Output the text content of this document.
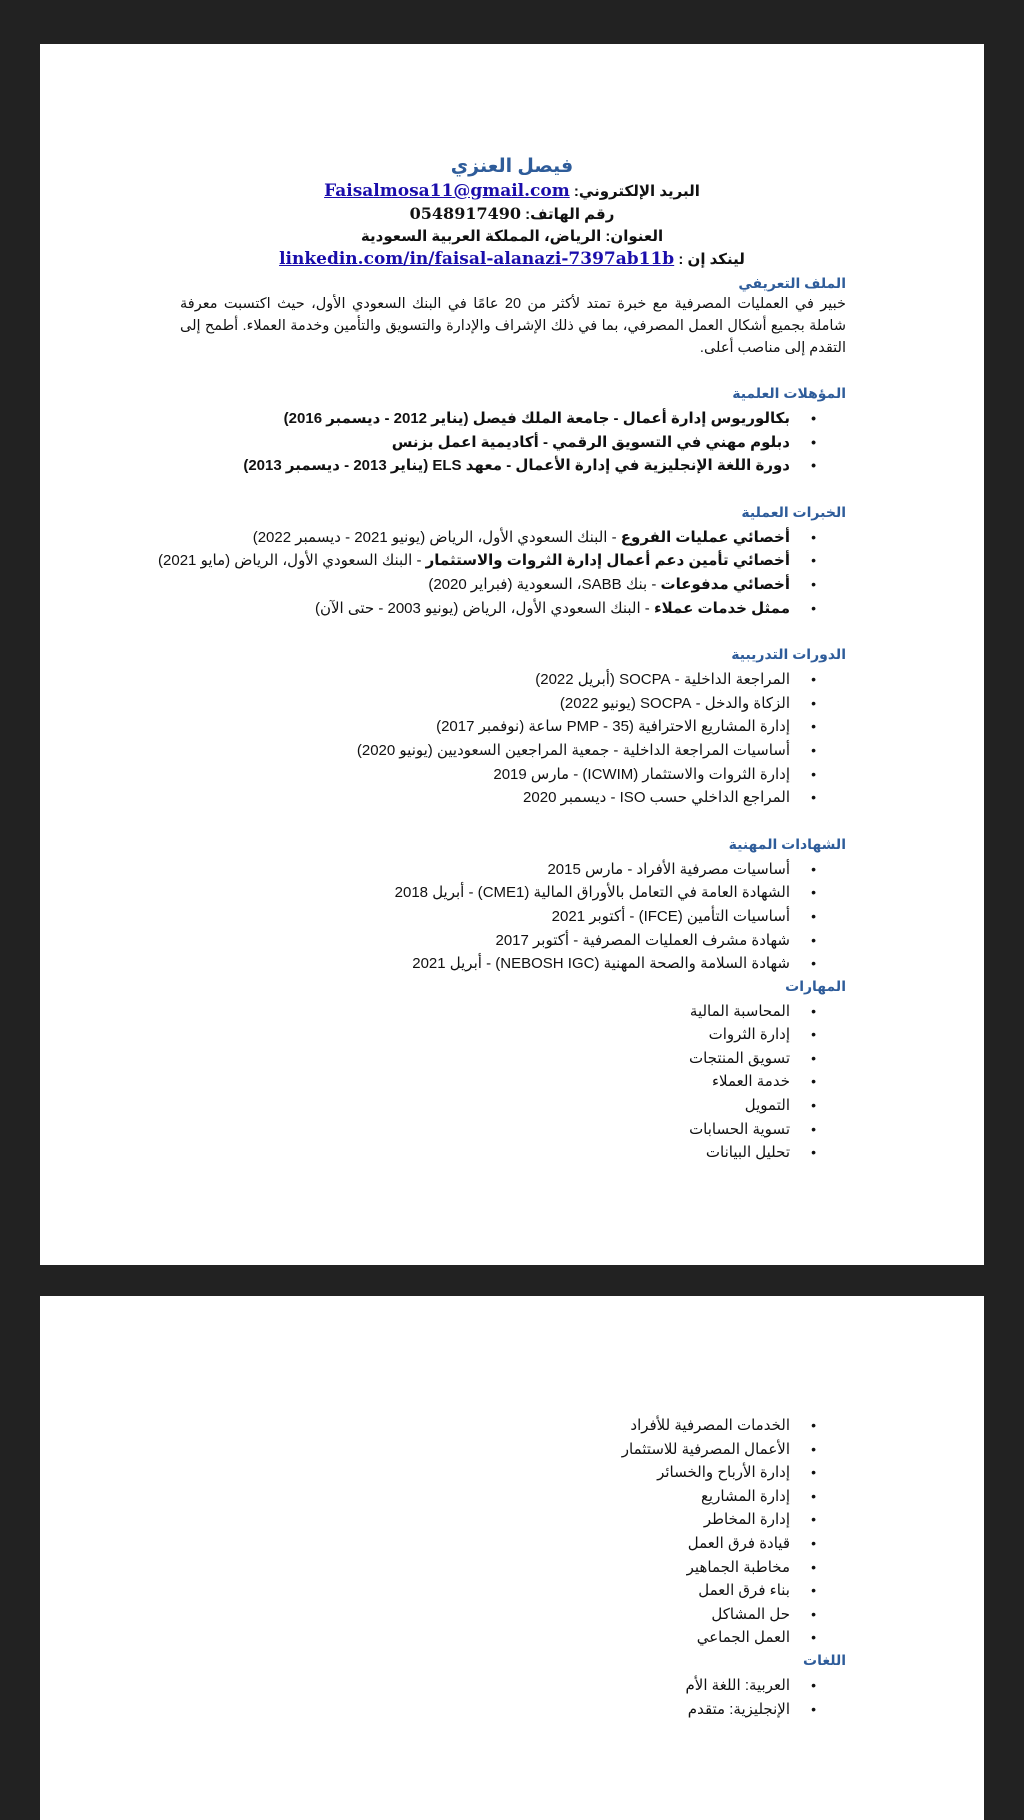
فيصل العنزي

البريد الإلكتروني: Faisalmosa11@gmail.com

رقم الهاتف: 0548917490

العنوان: الرياض، المملكة العربية السعودية

لينكد إن : linkedin.com/in/faisal-alanazi-7397ab11b

الملف التعريفي

خبير في العمليات المصرفية مع خبرة تمتد لأكثر من 20 عامًا في البنك السعودي الأول، حيث اكتسبت معرفة شاملة بجميع أشكال العمل المصرفي، بما في ذلك الإشراف والإدارة والتسويق والتأمين وخدمة العملاء. أطمح إلى التقدم إلى مناصب أعلى.

المؤهلات العلمية

• بكالوريوس إدارة أعمال - جامعة الملك فيصل (يناير 2012 - ديسمبر 2016)
• دبلوم مهني في التسويق الرقمي - أكاديمية اعمل بزنس
• دورة اللغة الإنجليزية في إدارة الأعمال - معهد ELS (يناير 2013 - ديسمبر 2013)

الخبرات العملية

• أخصائي عمليات الفروع - البنك السعودي الأول، الرياض (يونيو 2021 - ديسمبر 2022)
• أخصائي تأمين دعم أعمال إدارة الثروات والاستثمار - البنك السعودي الأول، الرياض (مايو 2021)
• أخصائي مدفوعات - بنك SABB، السعودية (فبراير 2020)
• ممثل خدمات عملاء - البنك السعودي الأول، الرياض (يونيو 2003 - حتى الآن)

الدورات التدريبية

• المراجعة الداخلية - SOCPA (أبريل 2022)
• الزكاة والدخل - SOCPA (يونيو 2022)
• إدارة المشاريع الاحترافية (PMP - 35 ساعة (نوفمبر 2017)
• أساسيات المراجعة الداخلية - جمعية المراجعين السعوديين (يونيو 2020)
• إدارة الثروات والاستثمار (ICWIM) - مارس 2019
• المراجع الداخلي حسب ISO - ديسمبر 2020

الشهادات المهنية

• أساسيات مصرفية الأفراد - مارس 2015
• الشهادة العامة في التعامل بالأوراق المالية (CME1) - أبريل 2018
• أساسيات التأمين (IFCE) - أكتوبر 2021
• شهادة مشرف العمليات المصرفية - أكتوبر 2017
• شهادة السلامة والصحة المهنية (NEBOSH IGC) - أبريل 2021

المهارات

• المحاسبة المالية
• إدارة الثروات
• تسويق المنتجات
• خدمة العملاء
• التمويل
• تسوية الحسابات
• تحليل البيانات
• الخدمات المصرفية للأفراد
• الأعمال المصرفية للاستثمار
• إدارة الأرباح والخسائر
• إدارة المشاريع
• إدارة المخاطر
• قيادة فرق العمل
• مخاطبة الجماهير
• بناء فرق العمل
• حل المشاكل
• العمل الجماعي

اللغات

• العربية: اللغة الأم
• الإنجليزية: متقدم
